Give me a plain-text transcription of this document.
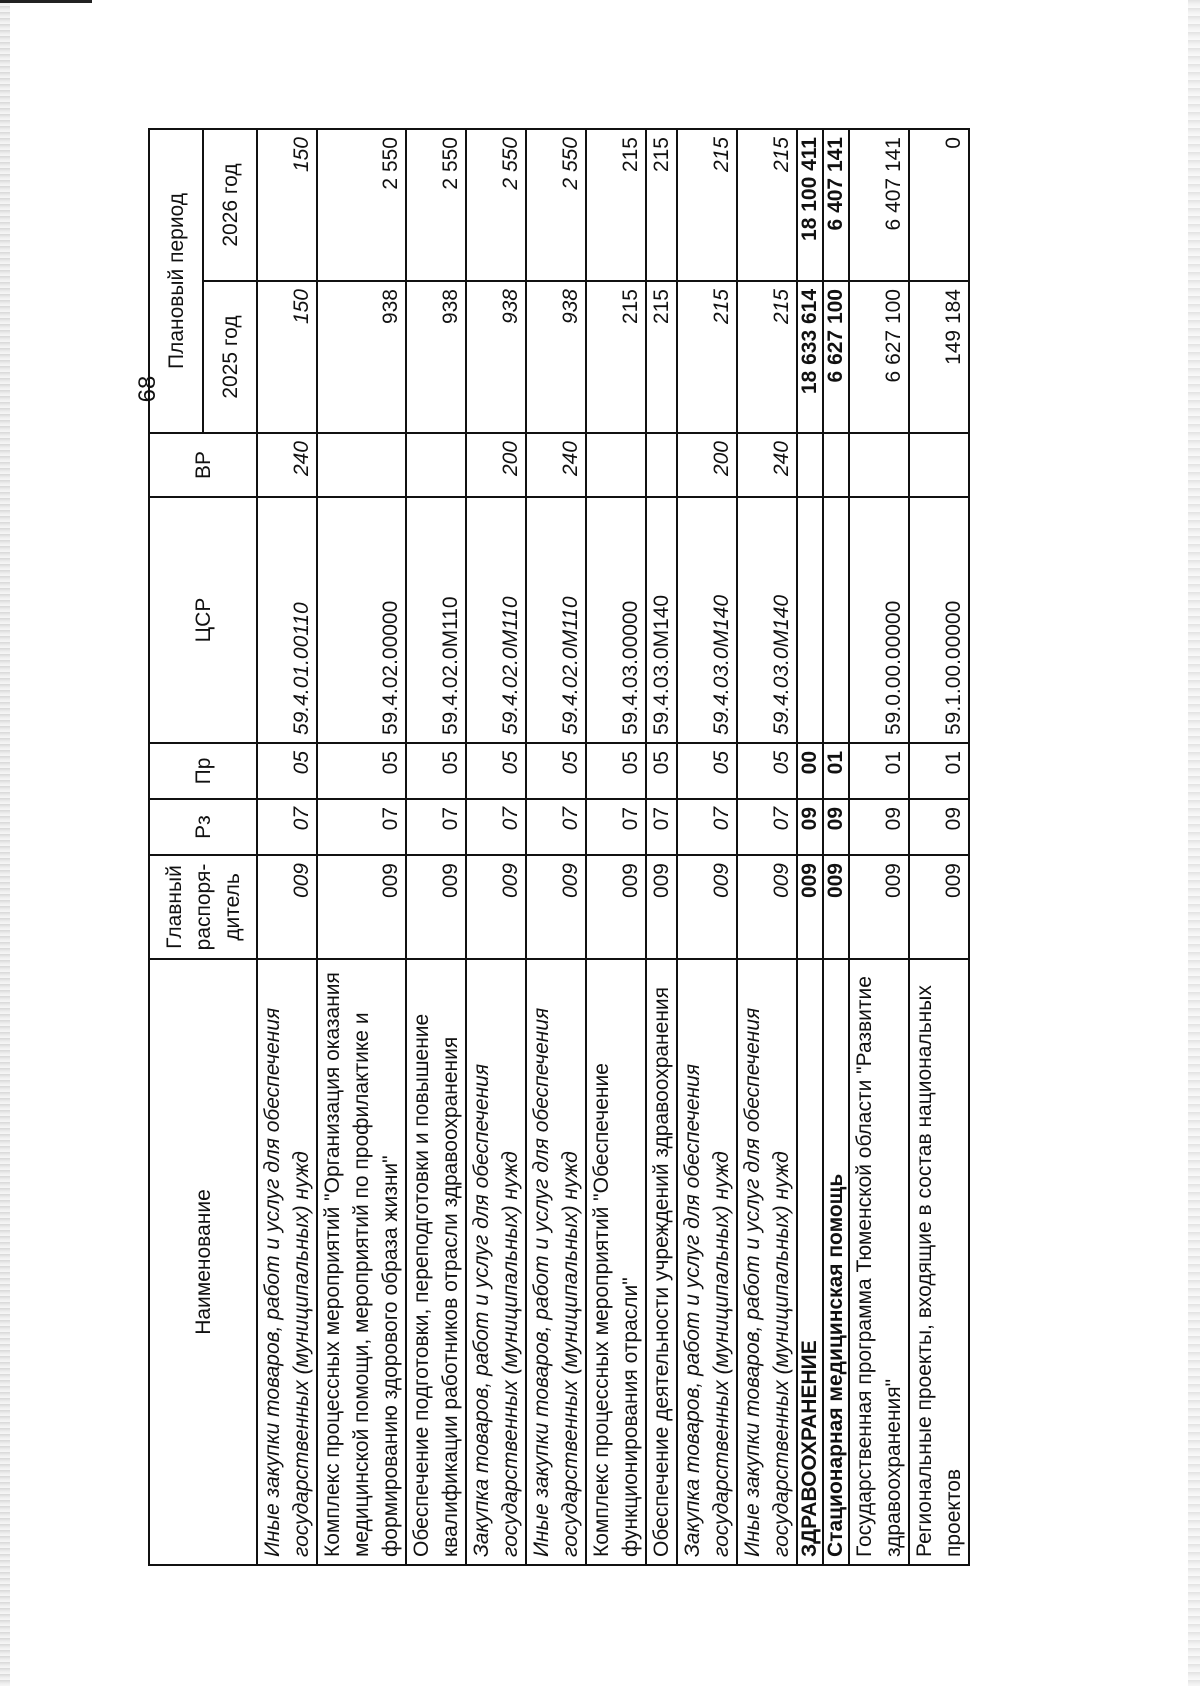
68
Наименование	Главный распоря-дитель	Рз	Пр	ЦСР	ВР	Плановый период	
						2025 год	2026 год
Иные закупки товаров, работ и услуг для обеспечения государственных (муниципальных) нужд	009	07	05	59.4.01.00110	240	150	150
Комплекс процессных мероприятий "Организация оказания медицинской помощи, мероприятий по профилактике и формированию здорового образа жизни"	009	07	05	59.4.02.00000		938	2 550
Обеспечение подготовки, переподготовки и повышение квалификации работников отрасли здравоохранения	009	07	05	59.4.02.0М110		938	2 550
Закупка товаров, работ и услуг для обеспечения государственных (муниципальных) нужд	009	07	05	59.4.02.0М110	200	938	2 550
Иные закупки товаров, работ и услуг для обеспечения государственных (муниципальных) нужд	009	07	05	59.4.02.0М110	240	938	2 550
Комплекс процессных мероприятий "Обеспечение функционирования отрасли"	009	07	05	59.4.03.00000		215	215
Обеспечение деятельности учреждений здравоохранения	009	07	05	59.4.03.0М140		215	215
Закупка товаров, работ и услуг для обеспечения государственных (муниципальных) нужд	009	07	05	59.4.03.0М140	200	215	215
Иные закупки товаров, работ и услуг для обеспечения государственных (муниципальных) нужд	009	07	05	59.4.03.0М140	240	215	215
ЗДРАВООХРАНЕНИЕ	009	09	00			18 633 614	18 100 411
Стационарная медицинская помощь	009	09	01			6 627 100	6 407 141
Государственная программа Тюменской области "Развитие здравоохранения"	009	09	01	59.0.00.00000		6 627 100	6 407 141
Региональные проекты, входящие в состав национальных проектов	009	09	01	59.1.00.00000		149 184	0
